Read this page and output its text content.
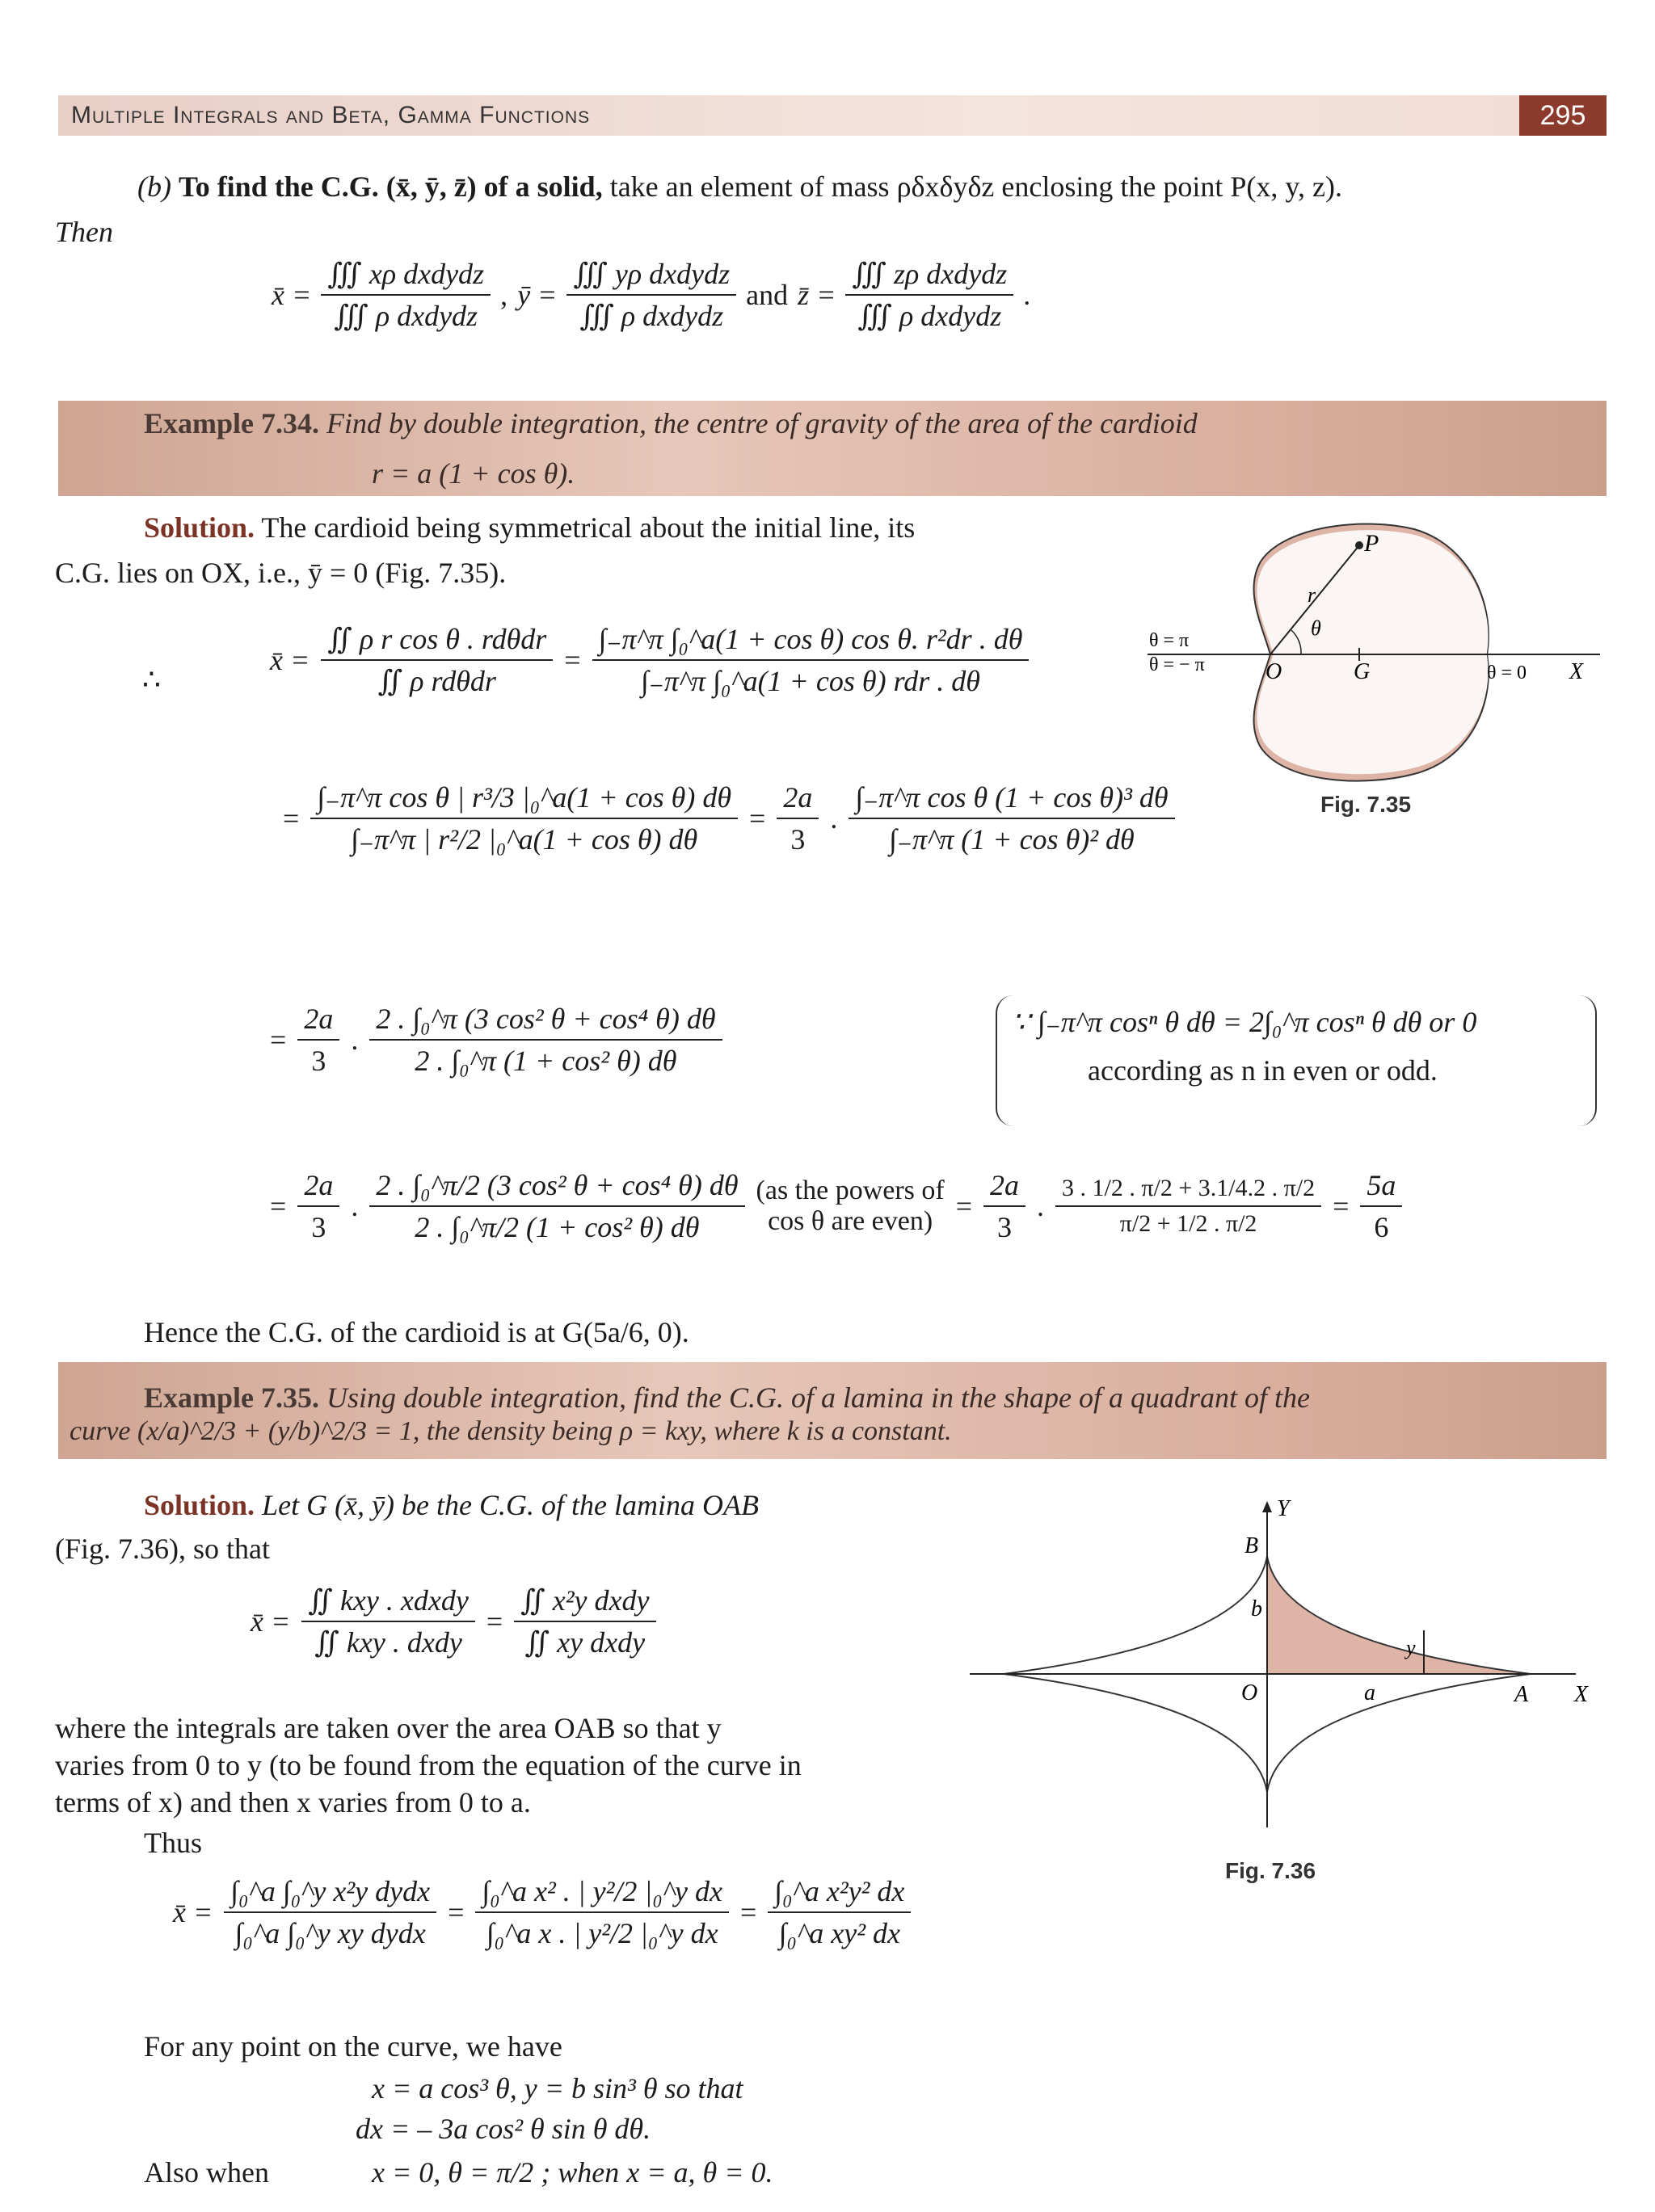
Multiple Integrals and Beta, Gamma Functions	295
(b) To find the C.G. (x̄, ȳ, z̄) of a solid, take an element of mass ρδxδyδz enclosing the point P(x, y, z).
Then
x̄ = $\frac{\text{∭ xρ dxdydz}}{\text{∭ ρ dxdydz}}$ , ȳ = $\frac{\text{∭ yρ dxdydz}}{\text{∭ ρ dxdydz}}$ and z̄ = $\frac{\text{∭ zρ dxdydz}}{\text{∭ ρ dxdydz}}$ .
Example 7.34. Find by double integration, the centre of gravity of the area of the cardioid
r = a (1 + cos θ).
Solution. The cardioid being symmetrical about the initial line, its
C.G. lies on OX, i.e., ȳ = 0 (Fig. 7.35).
∴
x̄ = $\frac{\text{∬ ρ r cos θ . rdθdr}}{\text{∬ ρ rdθdr}} = \frac{\text{∫₋π\textasciicircum{}π ∫₀\textasciicircum{}a(1 + cos θ) cos θ. r²dr . dθ}}{\text{∫₋π\textasciicircum{}π ∫₀\textasciicircum{}a(1 + cos θ) rdr . dθ}}$
= $\frac{\text{∫₋π\textasciicircum{}π cos θ | r³/3 |₀\textasciicircum{}a(1 + cos θ) dθ}}{\text{∫₋π\textasciicircum{}π | r²/2 |₀\textasciicircum{}a(1 + cos θ) dθ}} = \frac{2a}{3}$ . $\frac{\text{∫₋π\textasciicircum{}π cos θ (1 + cos θ)³ dθ}}{\text{∫₋π\textasciicircum{}π (1 + cos θ)² dθ}}$
= $\frac{2a}{3}$ . $\frac{\text{2 . ∫₀\textasciicircum{}π (3 cos² θ + cos⁴ θ) dθ}}{\text{2 . ∫₀\textasciicircum{}π (1 + cos² θ) dθ}}$	∵ ∫₋π^π cosⁿ θ dθ = 2∫₀^π cosⁿ θ dθ or 0
according as n in even or odd.
= $\frac{2a}{3}$ . $\frac{\text{2 . ∫₀\textasciicircum{}π/2 (3 cos² θ + cos⁴ θ) dθ}}{\text{2 . ∫₀\textasciicircum{}π/2 (1 + cos² θ) dθ}} (as$ the powers of
cos θ are even) = $\frac{2a}{3}$ . $\frac{3 . 1/2 . \pi/2 + 3.1/4.2 . \pi/2}{\pi/2 + 1/2 . \pi/2} = \frac{5a}{6}$
Hence the C.G. of the cardioid is at G(5a/6, 0).
P
r
θ
O	G	X
θ = π
θ = − π	θ = 0
Fig. 7.35
Example 7.35. Using double integration, find the C.G. of a lamina in the shape of a quadrant of the
curve (x/a)^2/3 + (y/b)^2/3 = 1, the density being ρ = kxy, where k is a constant.
Solution. Let G (x̄, ȳ) be the C.G. of the lamina OAB
(Fig. 7.36), so that
x̄ = $\frac{\text{∬ kxy . xdxdy}}{\text{∬ kxy . dxdy}} = \frac{\text{∬ x²y dxdy}}{\text{∬ xy dxdy}}$
where the integrals are taken over the area OAB so that y
varies from 0 to y (to be found from the equation of the curve in
terms of x) and then x varies from 0 to a.
Thus
x̄ = $\frac{\text{∫₀\textasciicircum{}a ∫₀\textasciicircum{}y x²y dydx}}{\text{∫₀\textasciicircum{}a ∫₀\textasciicircum{}y xy dydx}} = \frac{\text{∫₀\textasciicircum{}a x² . | y²/2 |₀\textasciicircum{}y dx}}{\text{∫₀\textasciicircum{}a x . | y²/2 |₀\textasciicircum{}y dx}} = \frac{\text{∫₀\textasciicircum{}a x²y² dx}}{\text{∫₀\textasciicircum{}a xy² dx}}$
For any point on the curve, we have
x = a cos³ θ, y = b sin³ θ so that
dx = – 3a cos² θ sin θ dθ.
Also when	x = 0, θ = π/2 ; when x = a, θ = 0.
Y
B
b
y
O	a	A X
Fig. 7.36
